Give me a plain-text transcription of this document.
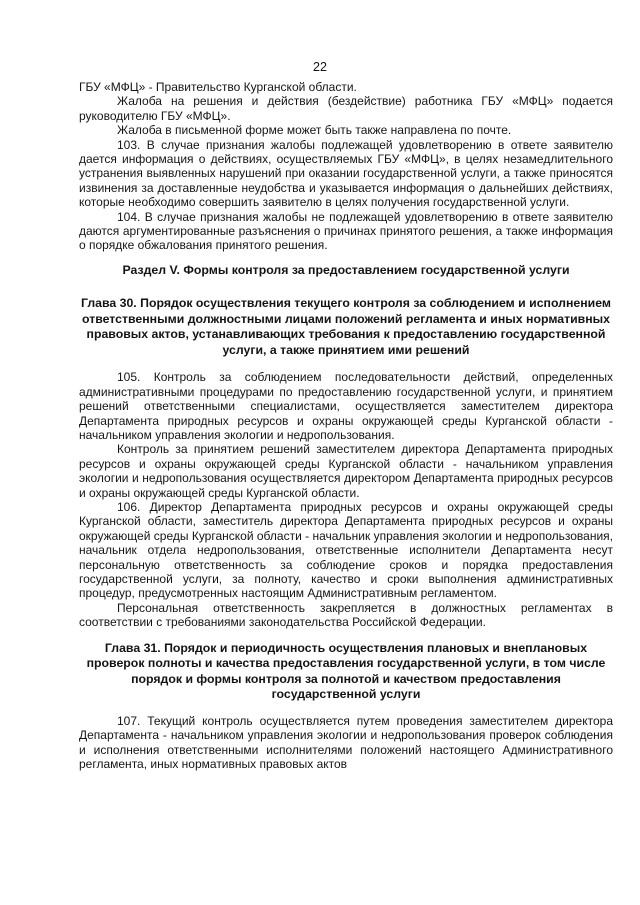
22

ГБУ «МФЦ» - Правительство Курганской области.

Жалоба на решения и действия (бездействие) работника ГБУ «МФЦ» подается руководителю ГБУ «МФЦ».

Жалоба в письменной форме может быть также направлена по почте.

103. В случае признания жалобы подлежащей удовлетворению в ответе заявителю дается информация о действиях, осуществляемых ГБУ «МФЦ», в целях незамедлительного устранения выявленных нарушений при оказании государственной услуги, а также приносятся извинения за доставленные неудобства и указывается информация о дальнейших действиях, которые необходимо совершить заявителю в целях получения государственной услуги.

104. В случае признания жалобы не подлежащей удовлетворению в ответе заявителю даются аргументированные разъяснения о причинах принятого решения, а также информация о порядке обжалования принятого решения.

Раздел V. Формы контроля за предоставлением государственной услуги
Глава 30. Порядок осуществления текущего контроля за соблюдением и исполнением ответственными должностными лицами положений регламента и иных нормативных правовых актов, устанавливающих требования к предоставлению государственной услуги, а также принятием ими решений

105. Контроль за соблюдением последовательности действий, определенных административными процедурами по предоставлению государственной услуги, и принятием решений ответственными специалистами, осуществляется заместителем директора Департамента природных ресурсов и охраны окружающей среды Курганской области - начальником управления экологии и недропользования.

Контроль за принятием решений заместителем директора Департамента природных ресурсов и охраны окружающей среды Курганской области - начальником управления экологии и недропользования осуществляется директором Департамента природных ресурсов и охраны окружающей среды Курганской области.

106. Директор Департамента природных ресурсов и охраны окружающей среды Курганской области, заместитель директора Департамента природных ресурсов и охраны окружающей среды Курганской области - начальник управления экологии и недропользования, начальник отдела недропользования, ответственные исполнители Департамента несут персональную ответственность за соблюдение сроков и порядка предоставления государственной услуги, за полноту, качество и сроки выполнения административных процедур, предусмотренных настоящим Административным регламентом.

Персональная ответственность закрепляется в должностных регламентах в соответствии с требованиями законодательства Российской Федерации.

Глава 31. Порядок и периодичность осуществления плановых и внеплановых проверок полноты и качества предоставления государственной услуги, в том числе порядок и формы контроля за полнотой и качеством предоставления государственной услуги

107. Текущий контроль осуществляется путем проведения заместителем директора Департамента - начальником управления экологии и недропользования проверок соблюдения и исполнения ответственными исполнителями положений настоящего Административного регламента, иных нормативных правовых актов
